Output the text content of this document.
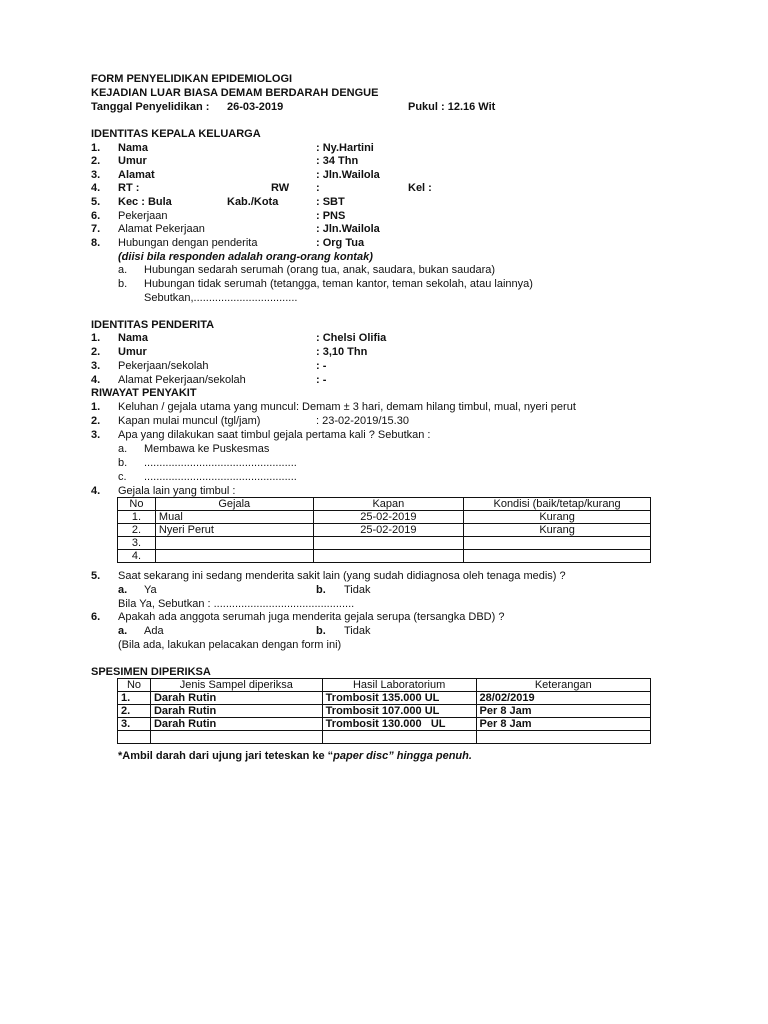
FORM PENYELIDIKAN EPIDEMIOLOGI
KEJADIAN LUAR BIASA DEMAM BERDARAH DENGUE
Tanggal Penyelidikan : 26-03-2019	Pukul : 12.16 Wit
IDENTITAS KEPALA KELUARGA
1. Nama	: Ny.Hartini
2. Umur	: 34 Thn
3. Alamat	: Jln.Wailola
4. RT :	RW :	Kel :
5. Kec : Bula	Kab./Kota	: SBT
6. Pekerjaan	: PNS
7. Alamat Pekerjaan	: Jln.Wailola
8. Hubungan dengan penderita	: Org Tua
(diisi bila responden adalah orang-orang kontak)
a. Hubungan sedarah serumah (orang tua, anak, saudara, bukan saudara)
b. Hubungan tidak serumah (tetangga, teman kantor, teman sekolah, atau lainnya)
Sebutkan,..................................
IDENTITAS PENDERITA
1. Nama	: Chelsi Olifia
2. Umur	: 3,10 Thn
3. Pekerjaan/sekolah	: -
4. Alamat Pekerjaan/sekolah	: -
RIWAYAT PENYAKIT
1. Keluhan / gejala utama yang muncul: Demam ± 3 hari, demam hilang timbul, mual, nyeri perut
2. Kapan mulai muncul (tgl/jam)	: 23-02-2019/15.30
3. Apa yang dilakukan saat timbul gejala pertama kali ? Sebutkan :
a. Membawa ke Puskesmas
b. ..................................................
c. ..................................................
4. Gejala lain yang timbul :
No	Gejala	Kapan	Kondisi (baik/tetap/kurang
1.	Mual	25-02-2019	Kurang
2.	Nyeri Perut	25-02-2019	Kurang
3.			
4.			
5. Saat sekarang ini sedang menderita sakit lain (yang sudah didiagnosa oleh tenaga medis) ?
a. Ya	b. Tidak
Bila Ya, Sebutkan : ..............................................
6. Apakah ada anggota serumah juga menderita gejala serupa (tersangka DBD) ?
a. Ada	b. Tidak
(Bila ada, lakukan pelacakan dengan form ini)
SPESIMEN DIPERIKSA
No	Jenis Sampel diperiksa	Hasil Laboratorium	Keterangan
1.	Darah Rutin	Trombosit 135.000 UL	28/02/2019
2.	Darah Rutin	Trombosit 107.000 UL	Per 8 Jam
3.	Darah Rutin	Trombosit 130.000   UL	Per 8 Jam

*Ambil darah dari ujung jari teteskan ke “paper disc” hingga penuh.
